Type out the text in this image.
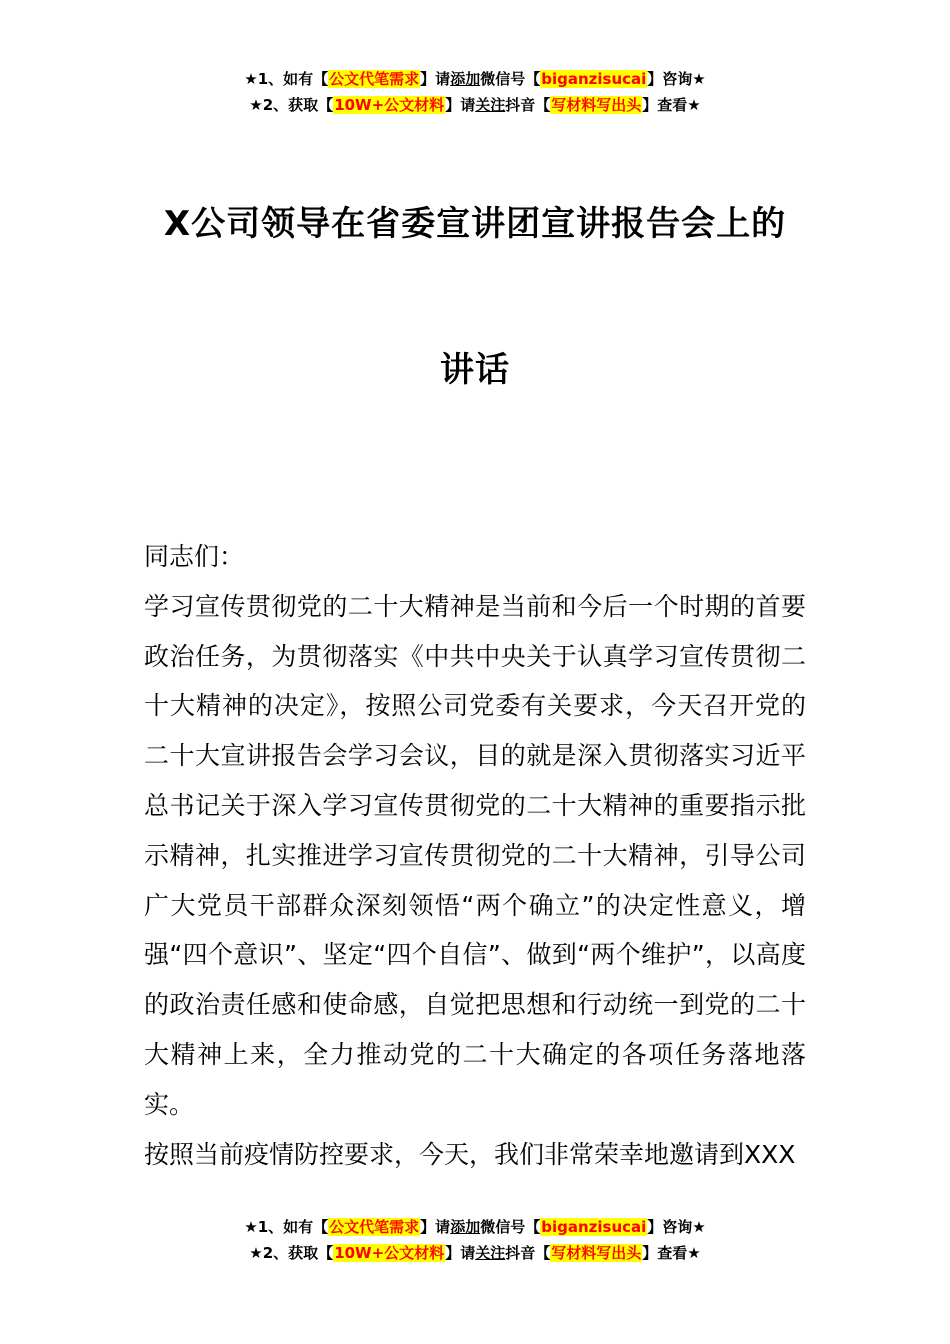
★1、如有【公文代笔需求】请添加微信号【biganzisucai】咨询★
★2、获取【10W+公文材料】请关注抖音【写材料写出头】查看★
X公司领导在省委宣讲团宣讲报告会上的
讲话

同志们：

学习宣传贯彻党的二十大精神是当前和今后一个时期的首要政治任务，为贯彻落实《中共中央关于认真学习宣传贯彻二十大精神的决定》，按照公司党委有关要求，今天召开党的二十大宣讲报告会学习会议，目的就是深入贯彻落实习近平总书记关于深入学习宣传贯彻党的二十大精神的重要指示批示精神，扎实推进学习宣传贯彻党的二十大精神，引导公司广大党员干部群众深刻领悟“两个确立”的决定性意义，增强“四个意识”、坚定“四个自信”、做到“两个维护”，以高度的政治责任感和使命感，自觉把思想和行动统一到党的二十大精神上来，全力推动党的二十大确定的各项任务落地落实。

按照当前疫情防控要求，今天，我们非常荣幸地邀请到XXX

★1、如有【公文代笔需求】请添加微信号【biganzisucai】咨询★
★2、获取【10W+公文材料】请关注抖音【写材料写出头】查看★
